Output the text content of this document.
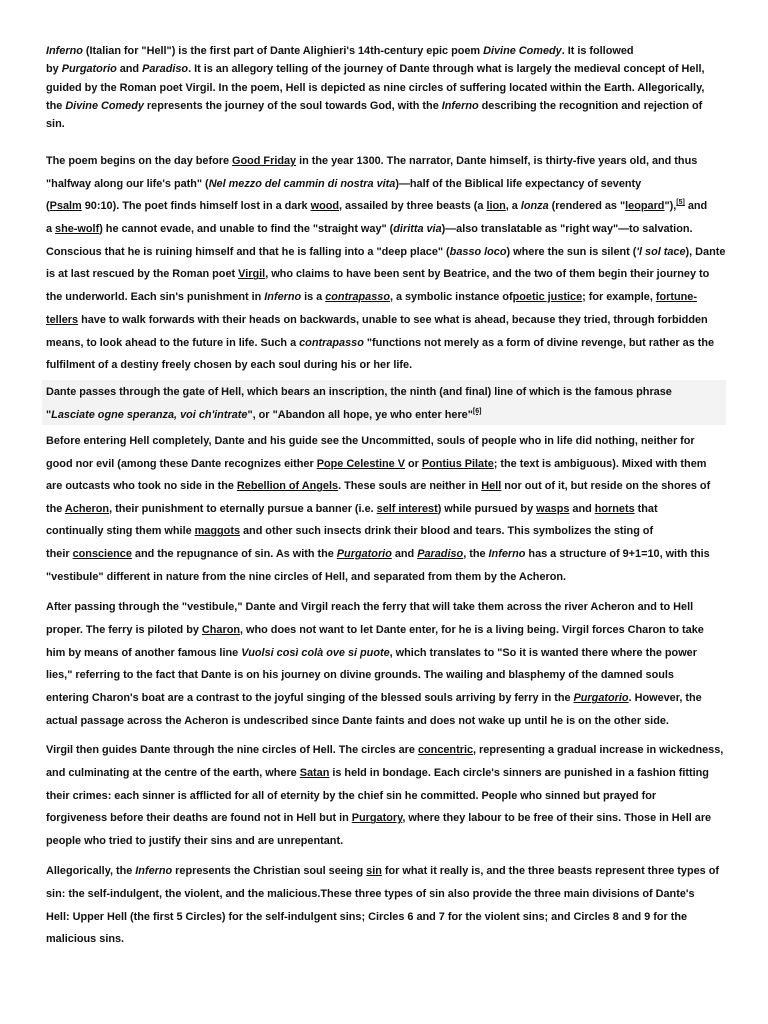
Inferno (Italian for "Hell") is the first part of Dante Alighieri's 14th-century epic poem Divine Comedy. It is followed
by Purgatorio and Paradiso. It is an allegory telling of the journey of Dante through what is largely the medieval concept of Hell,
guided by the Roman poet Virgil. In the poem, Hell is depicted as nine circles of suffering located within the Earth. Allegorically,
the Divine Comedy represents the journey of the soul towards God, with the Inferno describing the recognition and rejection of
sin.
The poem begins on the day before Good Friday in the year 1300. The narrator, Dante himself, is thirty-five years old, and thus
"halfway along our life's path" (Nel mezzo del cammin di nostra vita)—half of the Biblical life expectancy of seventy
(Psalm 90:10). The poet finds himself lost in a dark wood, assailed by three beasts (a lion, a lonza (rendered as "leopard"),[5] and
a she-wolf) he cannot evade, and unable to find the "straight way" (diritta via)—also translatable as "right way"—to salvation.
Conscious that he is ruining himself and that he is falling into a "deep place" (basso loco) where the sun is silent ('l sol tace), Dante
is at last rescued by the Roman poet Virgil, who claims to have been sent by Beatrice, and the two of them begin their journey to
the underworld. Each sin's punishment in Inferno is a contrapasso, a symbolic instance ofpoetic justice; for example, fortune-
tellers have to walk forwards with their heads on backwards, unable to see what is ahead, because they tried, through forbidden
means, to look ahead to the future in life. Such a contrapasso "functions not merely as a form of divine revenge, but rather as the
fulfilment of a destiny freely chosen by each soul during his or her life.
Dante passes through the gate of Hell, which bears an inscription, the ninth (and final) line of which is the famous phrase
"Lasciate ogne speranza, voi ch'intrate", or "Abandon all hope, ye who enter here"[6]
Before entering Hell completely, Dante and his guide see the Uncommitted, souls of people who in life did nothing, neither for
good nor evil (among these Dante recognizes either Pope Celestine V or Pontius Pilate; the text is ambiguous). Mixed with them
are outcasts who took no side in the Rebellion of Angels. These souls are neither in Hell nor out of it, but reside on the shores of
the Acheron, their punishment to eternally pursue a banner (i.e. self interest) while pursued by wasps and hornets that
continually sting them while maggots and other such insects drink their blood and tears. This symbolizes the sting of
their conscience and the repugnance of sin. As with the Purgatorio and Paradiso, the Inferno has a structure of 9+1=10, with this
"vestibule" different in nature from the nine circles of Hell, and separated from them by the Acheron.
After passing through the "vestibule," Dante and Virgil reach the ferry that will take them across the river Acheron and to Hell
proper. The ferry is piloted by Charon, who does not want to let Dante enter, for he is a living being. Virgil forces Charon to take
him by means of another famous line Vuolsi così colà ove si puote, which translates to "So it is wanted there where the power
lies," referring to the fact that Dante is on his journey on divine grounds. The wailing and blasphemy of the damned souls
entering Charon's boat are a contrast to the joyful singing of the blessed souls arriving by ferry in the Purgatorio. However, the
actual passage across the Acheron is undescribed since Dante faints and does not wake up until he is on the other side.
Virgil then guides Dante through the nine circles of Hell. The circles are concentric, representing a gradual increase in wickedness,
and culminating at the centre of the earth, where Satan is held in bondage. Each circle's sinners are punished in a fashion fitting
their crimes: each sinner is afflicted for all of eternity by the chief sin he committed. People who sinned but prayed for
forgiveness before their deaths are found not in Hell but in Purgatory, where they labour to be free of their sins. Those in Hell are
people who tried to justify their sins and are unrepentant.
Allegorically, the Inferno represents the Christian soul seeing sin for what it really is, and the three beasts represent three types of
sin: the self-indulgent, the violent, and the malicious.These three types of sin also provide the three main divisions of Dante's
Hell: Upper Hell (the first 5 Circles) for the self-indulgent sins; Circles 6 and 7 for the violent sins; and Circles 8 and 9 for the
malicious sins.
